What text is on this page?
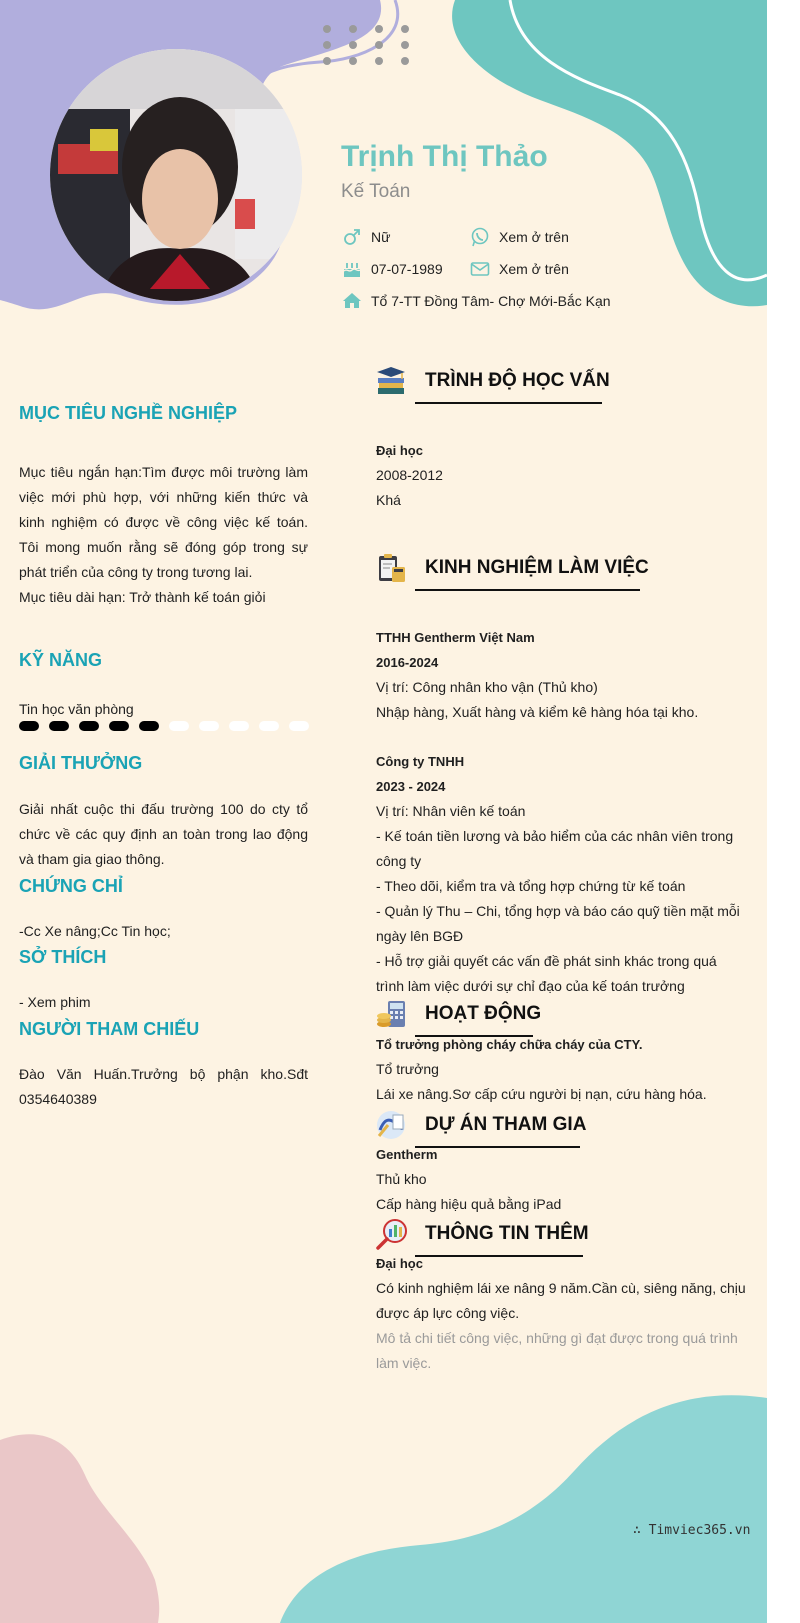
Trịnh Thị Thảo
Kế Toán
Nữ	Xem ở trên
07-07-1989	Xem ở trên
Tổ 7-TT Đồng Tâm- Chợ Mới-Bắc Kạn
MỤC TIÊU NGHỀ NGHIỆP
Mục tiêu ngắn hạn:Tìm được môi trường làm việc mới phù hợp, với những kiến thức và kinh nghiệm có được về công việc kế toán. Tôi mong muốn rằng sẽ đóng góp trong sự phát triển của công ty trong tương lai.
Mục tiêu dài hạn: Trở thành kế toán giỏi
KỸ NĂNG
Tin học văn phòng
GIẢI THƯỞNG
Giải nhất cuộc thi đấu trường 100 do cty tổ chức về các quy định an toàn trong lao động và tham gia giao thông.
CHỨNG CHỈ
-Cc Xe nâng;Cc Tin học;
SỞ THÍCH
- Xem phim
NGƯỜI THAM CHIẾU
Đào Văn Huấn.Trưởng bộ phận kho.Sđt 0354640389
TRÌNH ĐỘ HỌC VẤN
Đại học
2008-2012
Khá
KINH NGHIỆM LÀM VIỆC
TTHH Gentherm Việt Nam
2016-2024
Vị trí: Công nhân kho vận (Thủ kho)
Nhập hàng, Xuất hàng và kiểm kê hàng hóa tại kho.
Công ty TNHH
2023 - 2024
Vị trí: Nhân viên kế toán
- Kế toán tiền lương và bảo hiểm của các nhân viên trong công ty
- Theo dõi, kiểm tra và tổng hợp chứng từ kế toán
- Quản lý Thu – Chi, tổng hợp và báo cáo quỹ tiền mặt mỗi ngày lên BGĐ
- Hỗ trợ giải quyết các vấn đề phát sinh khác trong quá trình làm việc dưới sự chỉ đạo của kế toán trưởng
HOẠT ĐỘNG
Tổ trưởng phòng cháy chữa cháy của CTY.
Tổ trưởng
Lái xe nâng.Sơ cấp cứu người bị nạn, cứu hàng hóa.
DỰ ÁN THAM GIA
Gentherm
Thủ kho
Cấp hàng hiệu quả bằng iPad
THÔNG TIN THÊM
Đại học
Có kinh nghiệm lái xe nâng 9 năm.Cần cù, siêng năng, chịu được áp lực công việc.
Mô tả chi tiết công việc, những gì đạt được trong quá trình làm việc.
∴ Timviec365.vn
